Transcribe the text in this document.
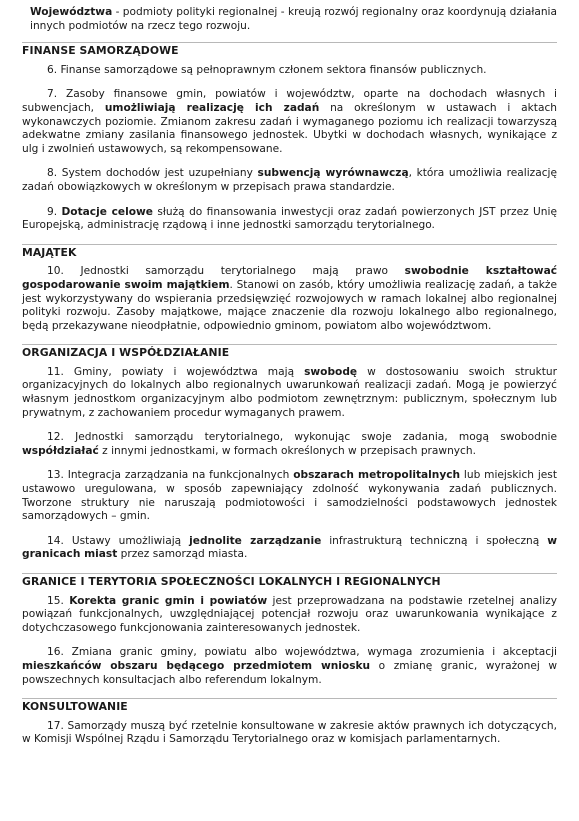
Województwa - podmioty polityki regionalnej - kreują rozwój regionalny oraz koordynują działania innych podmiotów na rzecz tego rozwoju.

FINANSE SAMORZĄDOWE

6. Finanse samorządowe są pełnoprawnym członem sektora finansów publicznych.

7. Zasoby finansowe gmin, powiatów i województw, oparte na dochodach własnych i subwencjach, umożliwiają realizację ich zadań na określonym w ustawach i aktach wykonawczych poziomie. Zmianom zakresu zadań i wymaganego poziomu ich realizacji towarzyszą adekwatne zmiany zasilania finansowego jednostek. Ubytki w dochodach własnych, wynikające z ulg i zwolnień ustawowych, są rekompensowane.

8. System dochodów jest uzupełniany subwencją wyrównawczą, która umożliwia realizację zadań obowiązkowych w określonym w przepisach prawa standardzie.

9. Dotacje celowe służą do finansowania inwestycji oraz zadań powierzonych JST przez Unię Europejską, administrację rządową i inne jednostki samorządu terytorialnego.

MAJĄTEK

10. Jednostki samorządu terytorialnego mają prawo swobodnie kształtować gospodarowanie swoim majątkiem. Stanowi on zasób, który umożliwia realizację zadań, a także jest wykorzystywany do wspierania przedsięwzięć rozwojowych w ramach lokalnej albo regionalnej polityki rozwoju. Zasoby majątkowe, mające znaczenie dla rozwoju lokalnego albo regionalnego, będą przekazywane nieodpłatnie, odpowiednio gminom, powiatom albo województwom.

ORGANIZACJA I WSPÓŁDZIAŁANIE

11. Gminy, powiaty i województwa mają swobodę w dostosowaniu swoich struktur organizacyjnych do lokalnych albo regionalnych uwarunkowań realizacji zadań. Mogą je powierzyć własnym jednostkom organizacyjnym albo podmiotom zewnętrznym: publicznym, społecznym lub prywatnym, z zachowaniem procedur wymaganych prawem.

12. Jednostki samorządu terytorialnego, wykonując swoje zadania, mogą swobodnie współdziałać z innymi jednostkami, w formach określonych w przepisach prawnych.

13. Integracja zarządzania na funkcjonalnych obszarach metropolitalnych lub miejskich jest ustawowo uregulowana, w sposób zapewniający zdolność wykonywania zadań publicznych. Tworzone struktury nie naruszają podmiotowości i samodzielności podstawowych jednostek samorządowych – gmin.

14. Ustawy umożliwiają jednolite zarządzanie infrastrukturą techniczną i społeczną w granicach miast przez samorząd miasta.

GRANICE I TERYTORIA SPOŁECZNOŚCI LOKALNYCH I REGIONALNYCH

15. Korekta granic gmin i powiatów jest przeprowadzana na podstawie rzetelnej analizy powiązań funkcjonalnych, uwzględniającej potencjał rozwoju oraz uwarunkowania wynikające z dotychczasowego funkcjonowania zainteresowanych jednostek.

16. Zmiana granic gminy, powiatu albo województwa, wymaga zrozumienia i akceptacji mieszkańców obszaru będącego przedmiotem wniosku o zmianę granic, wyrażonej w powszechnych konsultacjach albo referendum lokalnym.

KONSULTOWANIE

17. Samorządy muszą być rzetelnie konsultowane w zakresie aktów prawnych ich dotyczących, w Komisji Wspólnej Rządu i Samorządu Terytorialnego oraz w komisjach parlamentarnych.
